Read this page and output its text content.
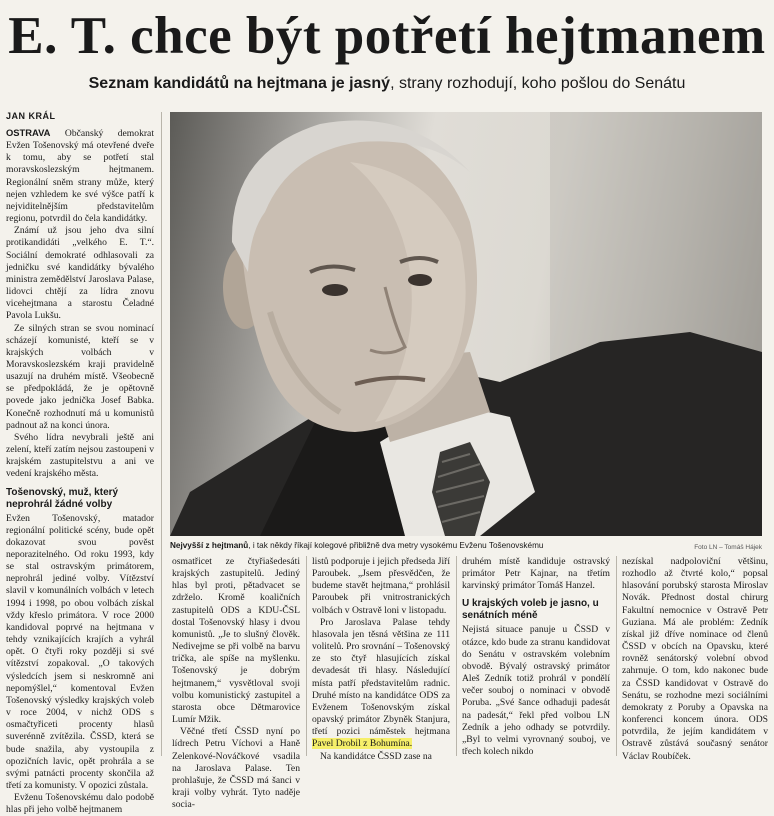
E. T. chce být potřetí hejtmanem
Seznam kandidátů na hejtmana je jasný, strany rozhodují, koho pošlou do Senátu
JAN KRÁL

OSTRAVA Občanský demokrat Evžen Tošenovský má otevřené dveře k tomu, aby se potřetí stal moravskoslezským hejtmanem. Regionální sněm strany může, který nejen vzhledem ke své výšce patří k nejviditelnějším představitelům regionu, potvrdil do čela kandidátky.

Známí už jsou jeho dva silní protikandidáti „velkého E. T.“. Sociální demokraté odhlasovali za jedničku své kandidátky bývalého ministra zemědělství Jaroslava Palase, lidovci chtějí za lídra znovu vicehejtmana a starostu Čeladné Pavola Lukšu.

Ze silných stran se svou nominací scházejí komunisté, kteří se v krajských volbách v Moravskoslezském kraji pravidelně usazují na druhém místě. Všeobecně se předpokládá, že je opětovně povede jako jednička Josef Babka. Konečně rozhodnutí má u komunistů padnout až na konci února.

Svého lídra nevybrali ještě ani zelení, kteří zatím nejsou zastoupeni v krajském zastupitelstvu a ani ve vedení krajského města.

Tošenovský, muž, který neprohrál žádné volby

Evžen Tošenovský, matador regionální politické scény, bude opět dokazovat svou pověst neporazitelného. Od roku 1993, kdy se stal ostravským primátorem, neprohrál jediné volby. Vítězství slavil v komunálních volbách v letech 1994 i 1998, po obou volbách získal vždy křeslo primátora. V roce 2000 kandidoval poprvé na hejtmana v tehdy vznikajících krajích a vyhrál opět. O čtyři roky později si své vítězství zopakoval. „O takových výsledcích jsem si neskromně ani nepomýšlel,“ komentoval Evžen Tošenovský výsledky krajských voleb v roce 2004, v nichž ODS s osmačtyřiceti procenty hlasů suverénně zvítězila. ČSSD, která se bude snažila, aby vystoupila z opozičních lavic, opět prohrála a se svými patnácti procenty skončila až třetí za komunisty. V opozici zůstala.

Evženu Tošenovskému dalo podobě hlas při jeho volbě hejtmanem

Nejvyšší z hejtmanů, i tak někdy říkají kolegové přibližně dva metry vysokému Evženu Tošenovskému	Foto LN – Tomáš Hájek

osmatřicet ze čtyřiašedesáti krajských zastupitelů. Jediný hlas byl proti, pětadvacet se zdrželo. Kromě koaličních zastupitelů ODS a KDU-ČSL dostal Tošenovský hlasy i dvou komunistů. „Je to slušný člověk. Nedivejme se při volbě na barvu trička, ale spíše na myšlenku. Tošenovský je dobrým hejtmanem,“ vysvětloval svoji volbu komunistický zastupitel a starosta obce Dětmarovice Lumír Mžik.

Věčné třetí ČSSD nyní po lídrech Petru Víchovi a Haně Zelenkové-Nováčkové vsadila na Jaroslava Palase. Ten prohlašuje, že ČSSD má šanci v kraji volby vyhrát. Tyto naděje socia-

listů podporuje i jejich předseda Jiří Paroubek. „Jsem přesvědčen, že budeme stavět hejtmana,“ prohlásil Paroubek při vnitrostranických volbách v Ostravě loni v listopadu.

Pro Jaroslava Palase tehdy hlasovala jen těsná většina ze 111 volitelů. Pro srovnání – Tošenovský ze sto čtyř hlasujících získal devadesát tři hlasy. Následující místa patří představitelům radnic. Druhé místo na kandidátce ODS za Evženem Tošenovským získal opavský primátor Zbyněk Stanjura, třetí pozici náměstek hejtmana Pavel Drobil z Bohumína.

Na kandidátce ČSSD zase na

druhém místě kandiduje ostravský primátor Petr Kajnar, na třetím karvinský primátor Tomáš Hanzel.

U krajských voleb je jasno, u senátních méně

Nejistá situace panuje u ČSSD v otázce, kdo bude za stranu kandidovat do Senátu v ostravském volebním obvodě. Bývalý ostravský primátor Aleš Zedník totiž prohrál v pondělí večer souboj o nominaci v obvodě Poruba. „Své šance odhaduji padesát na padesát,“ řekl před volbou LN Zedník a jeho odhady se potvrdily. „Byl to velmi vyrovnaný souboj, ve třech kolech nikdo

nezískal nadpoloviční většinu, rozhodlo až čtvrté kolo,“ popsal hlasování porubský starosta Miroslav Novák. Přednost dostal chirurg Fakultní nemocnice v Ostravě Petr Guziana. Má ale problém: Zedník získal již dříve nominace od členů ČSSD v obcích na Opavsku, které rovněž senátorský volební obvod zahrnuje. O tom, kdo nakonec bude za ČSSD kandidovat v Ostravě do Senátu, se rozhodne mezi sociálními demokraty z Poruby a Opavska na konferenci koncem února. ODS potvrdila, že jejím kandidátem v Ostravě zůstává současný senátor Václav Roubíček.
